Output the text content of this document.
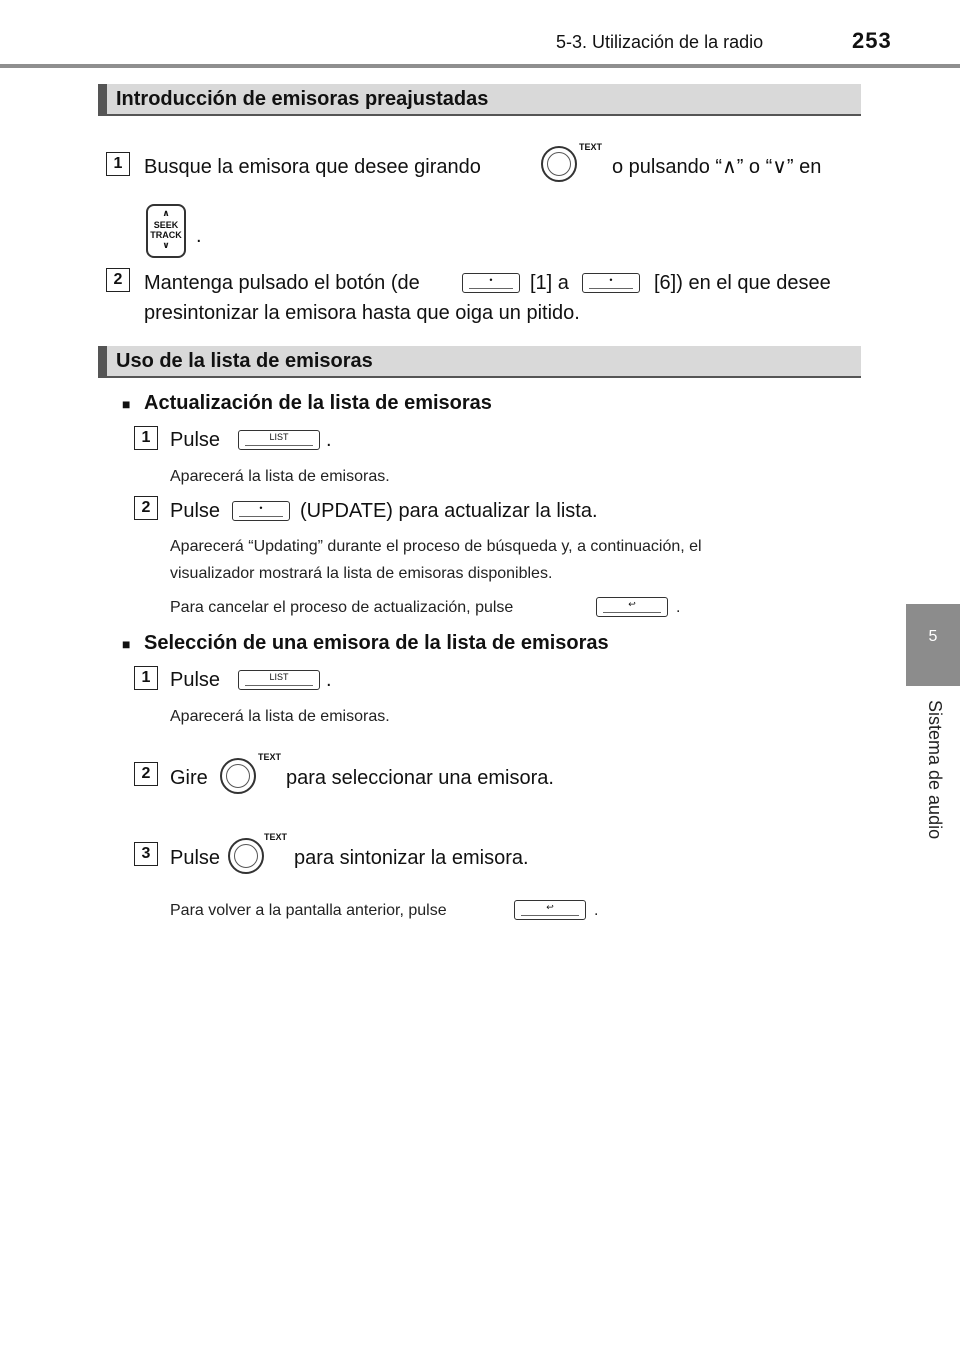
5-3. Utilización de la radio	253
5
Sistema de audio
Introducción de emisoras preajustadas
1	Busque la emisora que desee girando
TEXT
o pulsando “∧” o “∨” en
∧
SEEK
TRACK
∨	.
2	Mantenga pulsado el botón (de	•	[1] a	•	[6]) en el que desee
presintonizar la emisora hasta que oiga un pitido.
Uso de la lista de emisoras
■ Actualización de la lista de emisoras
1 Pulse	LIST	.
Aparecerá la lista de emisoras.
2 Pulse	•	(UPDATE) para actualizar la lista.
Aparecerá “Updating” durante el proceso de búsqueda y, a continuación, el
visualizador mostrará la lista de emisoras disponibles.
Para cancelar el proceso de actualización, pulse	↩	.
■ Selección de una emisora de la lista de emisoras
1 Pulse	LIST	.
Aparecerá la lista de emisoras.
2 Gire
TEXT
para seleccionar una emisora.
3 Pulse
TEXT
para sintonizar la emisora.
Para volver a la pantalla anterior, pulse	↩	.
